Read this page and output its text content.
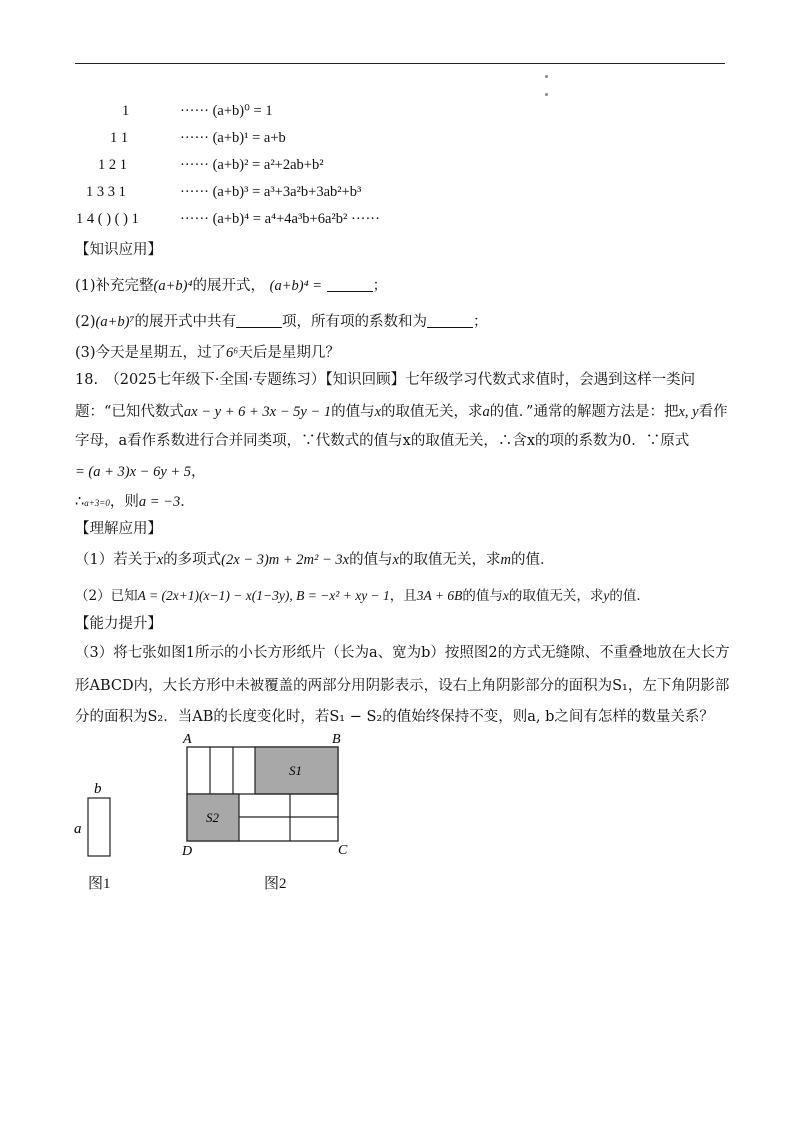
1	······ (a+b)⁰ = 1
1 1	······ (a+b)¹ = a+b
1 2 1	······ (a+b)² = a²+2ab+b²
1 3 3 1	······ (a+b)³ = a³+3a²b+3ab²+b³
1 4 ( ) ( ) 1	······ (a+b)⁴ = a⁴+4a³b+6a²b² ······
【知识应用】
(1)补充完整(a+b)⁴的展开式， (a+b)⁴ =	；
(2)(a+b)⁷的展开式中共有	项，所有项的系数和为	；
(3)今天是星期五，过了6⁶天后是星期几？
18.　（2025七年级下·全国·专题练习）【知识回顾】七年级学习代数式求值时，会遇到这样一类问
题：“已知代数式ax − y + 6 + 3x − 5y − 1的值与x的取值无关，求a的值．”通常的解题方法是：把x, y看作
字母，a看作系数进行合并同类项，∵代数式的值与x的取值无关，∴含x的项的系数为0．∵原式
= (a + 3)x − 6y + 5，
∴a+3=0，则a = −3．
【理解应用】
（1）若关于x的多项式(2x − 3)m + 2m² − 3x的值与x的取值无关，求m的值．
（2）已知A = (2x+1)(x−1) − x(1−3y), B = −x² + xy − 1，且3A + 6B的值与x的取值无关，求y的值．
【能力提升】
（3）将七张如图1所示的小长方形纸片（长为a、宽为b）按照图2的方式无缝隙、不重叠地放在大长方
形ABCD内，大长方形中未被覆盖的两部分用阴影表示，设右上角阴影部分的面积为S₁，左下角阴影部
分的面积为S₂．当AB的长度变化时，若S₁ − S₂的值始终保持不变，则a, b之间有怎样的数量关系？
b
a
图1
A	B
D	C
S1
S2
图2
